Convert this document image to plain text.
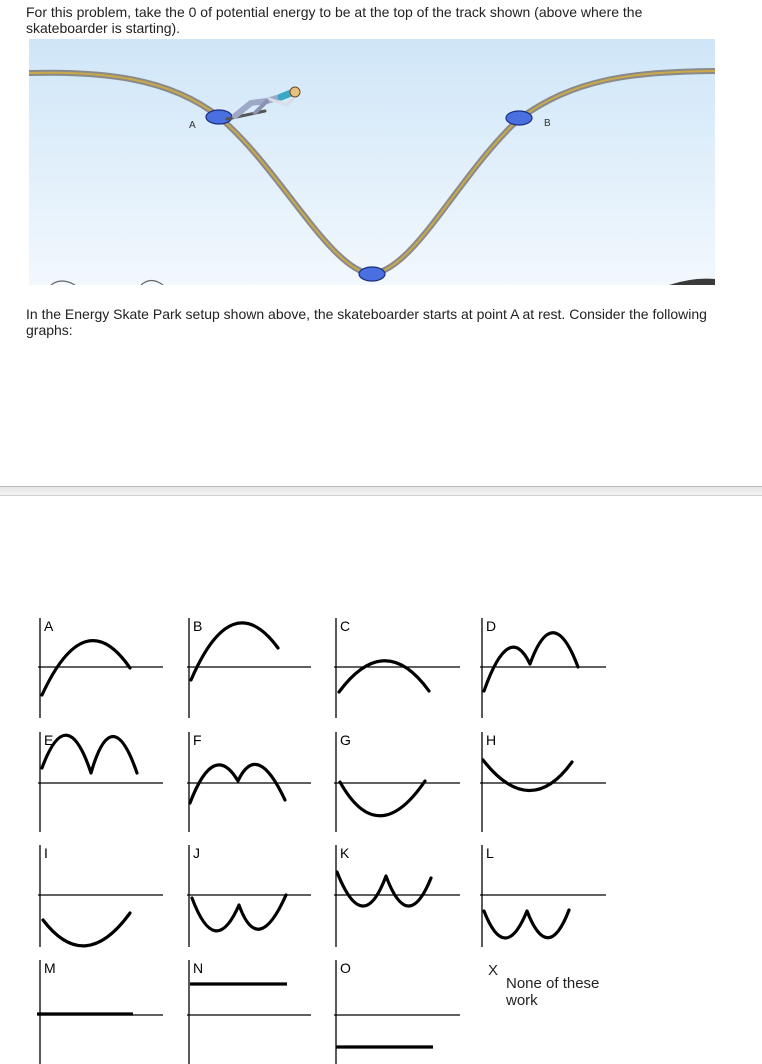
For this problem, take the 0 of potential energy to be at the top of the track shown (above where the skateboarder is starting).

A	B

In the Energy Skate Park setup shown above, the skateboarder starts at point A at rest. Consider the following graphs:

A	B	C	D
E	F	G	H
I	J	K	L
M	N	O	X
None of these work
